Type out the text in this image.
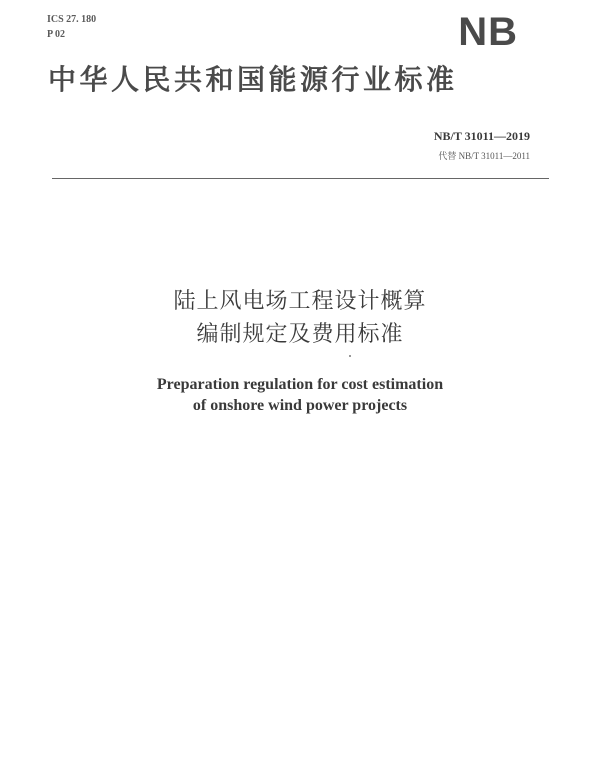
ICS 27. 180
P 02	NB
中华人民共和国能源行业标准
NB/T 31011—2019
代替 NB/T 31011—2011
陆上风电场工程设计概算
编制规定及费用标准
Preparation regulation for cost estimation
of onshore wind power projects
